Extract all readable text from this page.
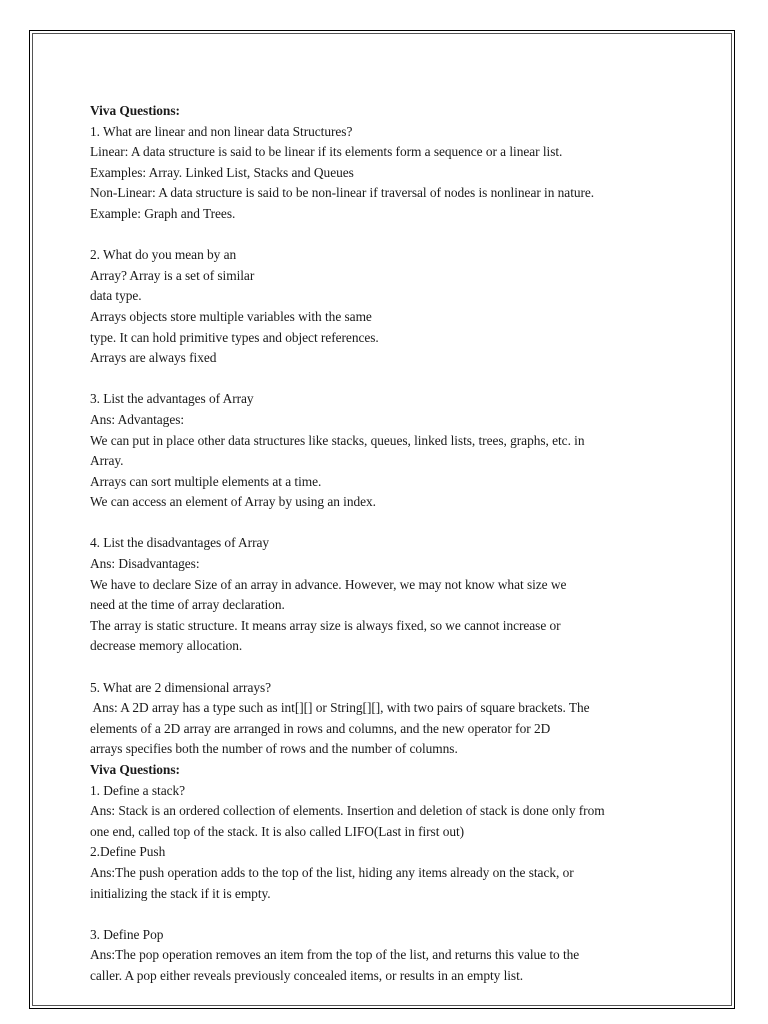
Viva Questions:
1. What are linear and non linear data Structures?
Linear: A data structure is said to be linear if its elements form a sequence or a linear list.
Examples: Array. Linked List, Stacks and Queues
Non-Linear: A data structure is said to be non-linear if traversal of nodes is nonlinear in nature.
Example: Graph and Trees.
2. What do you mean by an
Array? Array is a set of similar
data type.
Arrays objects store multiple variables with the same
type. It can hold primitive types and object references.
Arrays are always fixed
3. List the advantages of Array
Ans: Advantages:
We can put in place other data structures like stacks, queues, linked lists, trees, graphs, etc. in
Array.
Arrays can sort multiple elements at a time.
We can access an element of Array by using an index.
4. List the disadvantages of Array
Ans: Disadvantages:
We have to declare Size of an array in advance. However, we may not know what size we
need at the time of array declaration.
The array is static structure. It means array size is always fixed, so we cannot increase or
decrease memory allocation.
5. What are 2 dimensional arrays?
Ans: A 2D array has a type such as int[][] or String[][], with two pairs of square brackets. The
elements of a 2D array are arranged in rows and columns, and the new operator for 2D
arrays specifies both the number of rows and the number of columns.
Viva Questions:
1. Define a stack?
Ans: Stack is an ordered collection of elements. Insertion and deletion of stack is done only from
one end, called top of the stack. It is also called LIFO(Last in first out)
2.Define Push
Ans:The push operation adds to the top of the list, hiding any items already on the stack, or
initializing the stack if it is empty.
3. Define Pop
Ans:The pop operation removes an item from the top of the list, and returns this value to the
caller. A pop either reveals previously concealed items, or results in an empty list.
